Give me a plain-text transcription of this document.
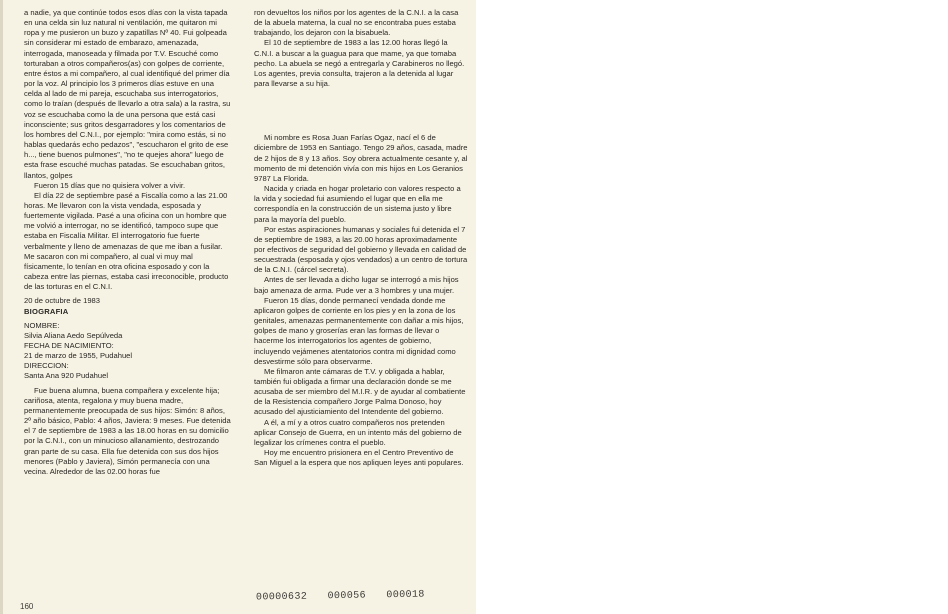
a nadie, ya que continúe todos esos días con la vista tapada en una celda sin luz natural ni ventilación, me quitaron mi ropa y me pusieron un buzo y zapatillas Nº 40. Fui golpeada sin considerar mi estado de embarazo, amenazada, interrogada, manoseada y filmada por T.V. Escuché como torturaban a otros compañeros(as) con golpes de corriente, entre éstos a mi compañero, al cual identifiqué del primer día por la voz. Al principio los 3 primeros días estuve en una celda al lado de mi pareja, escuchaba sus interrogatorios, como lo traían (después de llevarlo a otra sala) a la rastra, su voz se escuchaba como la de una persona que está casi inconsciente; sus gritos desgarradores y los comentarios de los hombres del C.N.I., por ejemplo: "mira como estás, si no hablas quedarás echo pedazos", "escucharon el grito de ese h..., tiene buenos pulmones", "no te quejes ahora" luego de esta frase escuché muchas patadas. Se escuchaban gritos, llantos, golpes

Fueron 15 días que no quisiera volver a vivir.

El día 22 de septiembre pasé a Fiscalía como a las 21.00 horas. Me llevaron con la vista vendada, esposada y fuertemente vigilada. Pasé a una oficina con un hombre que me volvió a interrogar, no se identificó, tampoco supe que estaba en Fiscalía Militar. El interrogatorio fue fuerte verbalmente y lleno de amenazas de que me iban a fusilar. Me sacaron con mi compañero, al cual vi muy mal físicamente, lo tenían en otra oficina esposado y con la cabeza entre las piernas, estaba casi irreconocible, producto de las torturas en el C.N.I.

20 de octubre de 1983

BIOGRAFIA

NOMBRE:

Silvia Aliana Aedo Sepúlveda

FECHA DE NACIMIENTO:

21 de marzo de 1955, Pudahuel

DIRECCION:

Santa Ana 920 Pudahuel

Fue buena alumna, buena compañera y excelente hija; cariñosa, atenta, regalona y muy buena madre, permanentemente preocupada de sus hijos: Simón: 8 años, 2º año básico, Pablo: 4 años, Javiera: 9 meses. Fue detenida el 7 de septiembre de 1983 a las 18.00 horas en su domicilio por la C.N.I., con un minucioso allanamiento, destrozando gran parte de su casa. Ella fue detenida con sus dos hijos menores (Pablo y Javiera), Simón permanecía con una vecina. Alrededor de las 02.00 horas fue

ron devueltos los niños por los agentes de la C.N.I. a la casa de la abuela materna, la cual no se encontraba pues estaba trabajando, los dejaron con la bisabuela.

El 10 de septiembre de 1983 a las 12.00 horas llegó la C.N.I. a buscar a la guagua para que mame, ya que tomaba pecho. La abuela se negó a entregarla y Carabineros no llegó. Los agentes, previa consulta, trajeron a la detenida al lugar para llevarse a su hija.

Mi nombre es Rosa Juan Farías Ogaz, nací el 6 de diciembre de 1953 en Santiago. Tengo 29 años, casada, madre de 2 hijos de 8 y 13 años. Soy obrera actualmente cesante y, al momento de mi detención vivía con mis hijos en Los Geranios 9787 La Florida.

Nacida y criada en hogar proletario con valores respecto a la vida y sociedad fui asumiendo el lugar que en ella me correspondía en la construcción de un sistema justo y libre para la mayoría del pueblo.

Por estas aspiraciones humanas y sociales fui detenida el 7 de septiembre de 1983, a las 20.00 horas aproximadamente por efectivos de seguridad del gobierno y llevada en calidad de secuestrada (esposada y ojos vendados) a un centro de tortura de la C.N.I. (cárcel secreta).

Antes de ser llevada a dicho lugar se interrogó a mis hijos bajo amenaza de arma. Pude ver a 3 hombres y una mujer.

Fueron 15 días, donde permanecí vendada donde me aplicaron golpes de corriente en los pies y en la zona de los genitales, amenazas permanentemente con dañar a mis hijos, golpes de mano y groserías eran las formas de llevar o hacerme los interrogatorios los agentes de gobierno, incluyendo vejámenes atentatorios contra mi dignidad como desvestirme sólo para observarme.

Me filmaron ante cámaras de T.V. y obligada a hablar, también fui obligada a firmar una declaración donde se me acusaba de ser miembro del M.I.R. y de ayudar al combatiente de la Resistencia compañero Jorge Palma Donoso, hoy acusado del ajusticiamiento del Intendente del gobierno.

A él, a mí y a otros cuatro compañeros nos pretenden aplicar Consejo de Guerra, en un intento más del gobierno de legalizar los crímenes contra el pueblo.

Hoy me encuentro prisionera en el Centro Preventivo de San Miguel a la espera que nos apliquen leyes anti populares.

160
00000632 000056 000018
